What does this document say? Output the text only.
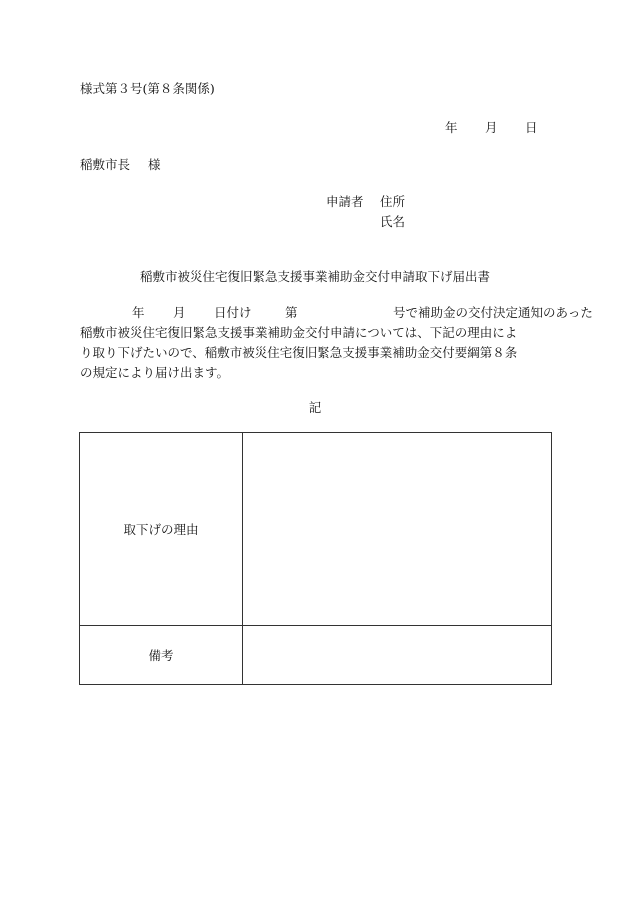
様式第３号(第８条関係)
年 月 日
稲敷市長 様
申請者 住所
氏名
稲敷市被災住宅復旧緊急支援事業補助金交付申請取下げ届出書
年 月 日付け	第	号で補助金の交付決定通知のあった
稲敷市被災住宅復旧緊急支援事業補助金交付申請については、下記の理由によ
り取り下げたいので、稲敷市被災住宅復旧緊急支援事業補助金交付要綱第８条
の規定により届け出ます。
記
取下げの理由	
備考	
